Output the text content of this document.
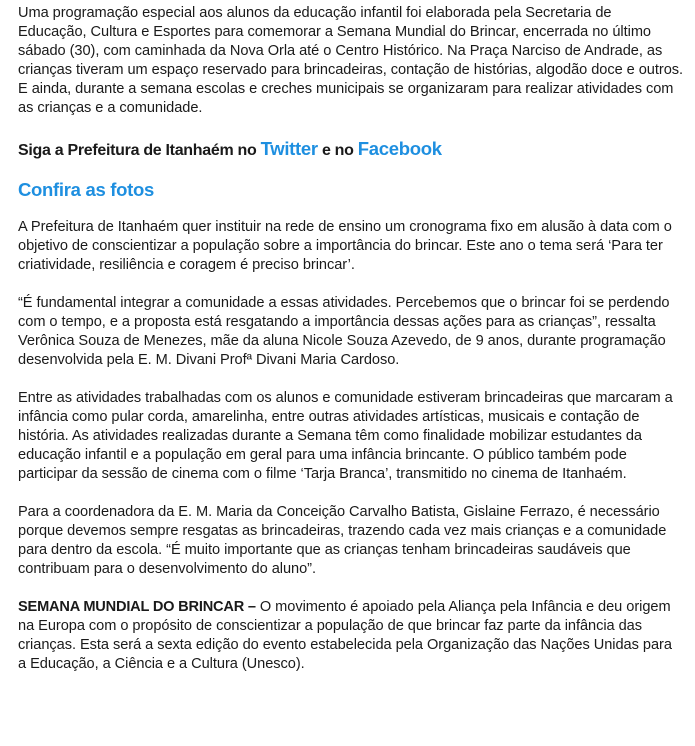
Uma programação especial aos alunos da educação infantil foi elaborada pela Secretaria de Educação, Cultura e Esportes para comemorar a Semana Mundial do Brincar, encerrada no último sábado (30), com caminhada da Nova Orla até o Centro Histórico. Na Praça Narciso de Andrade, as crianças tiveram um espaço reservado para brincadeiras, contação de histórias, algodão doce e outros. E ainda, durante a semana escolas e creches municipais se organizaram para realizar atividades com as crianças e a comunidade.

Siga a Prefeitura de Itanhaém no Twitter e no Facebook

Confira as fotos

A Prefeitura de Itanhaém quer instituir na rede de ensino um cronograma fixo em alusão à data com o objetivo de conscientizar a população sobre a importância do brincar. Este ano o tema será ‘Para ter criatividade, resiliência e coragem é preciso brincar’.

“É fundamental integrar a comunidade a essas atividades. Percebemos que o brincar foi se perdendo com o tempo, e a proposta está resgatando a importância dessas ações para as crianças”, ressalta Verônica Souza de Menezes, mãe da aluna Nicole Souza Azevedo, de 9 anos, durante programação desenvolvida pela E. M. Divani Profª Divani Maria Cardoso.

Entre as atividades trabalhadas com os alunos e comunidade estiveram brincadeiras que marcaram a infância como pular corda, amarelinha, entre outras atividades artísticas, musicais e contação de história. As atividades realizadas durante a Semana têm como finalidade mobilizar estudantes da educação infantil e a população em geral para uma infância brincante. O público também pode participar da sessão de cinema com o filme ‘Tarja Branca’, transmitido no cinema de Itanhaém.

Para a coordenadora da E. M. Maria da Conceição Carvalho Batista, Gislaine Ferrazo, é necessário porque devemos sempre resgatas as brincadeiras, trazendo cada vez mais crianças e a comunidade para dentro da escola. “É muito importante que as crianças tenham brincadeiras saudáveis que contribuam para o desenvolvimento do aluno”.

SEMANA MUNDIAL DO BRINCAR – O movimento é apoiado pela Aliança pela Infância e deu origem na Europa com o propósito de conscientizar a população de que brincar faz parte da infância das crianças. Esta será a sexta edição do evento estabelecida pela Organização das Nações Unidas para a Educação, a Ciência e a Cultura (Unesco).
